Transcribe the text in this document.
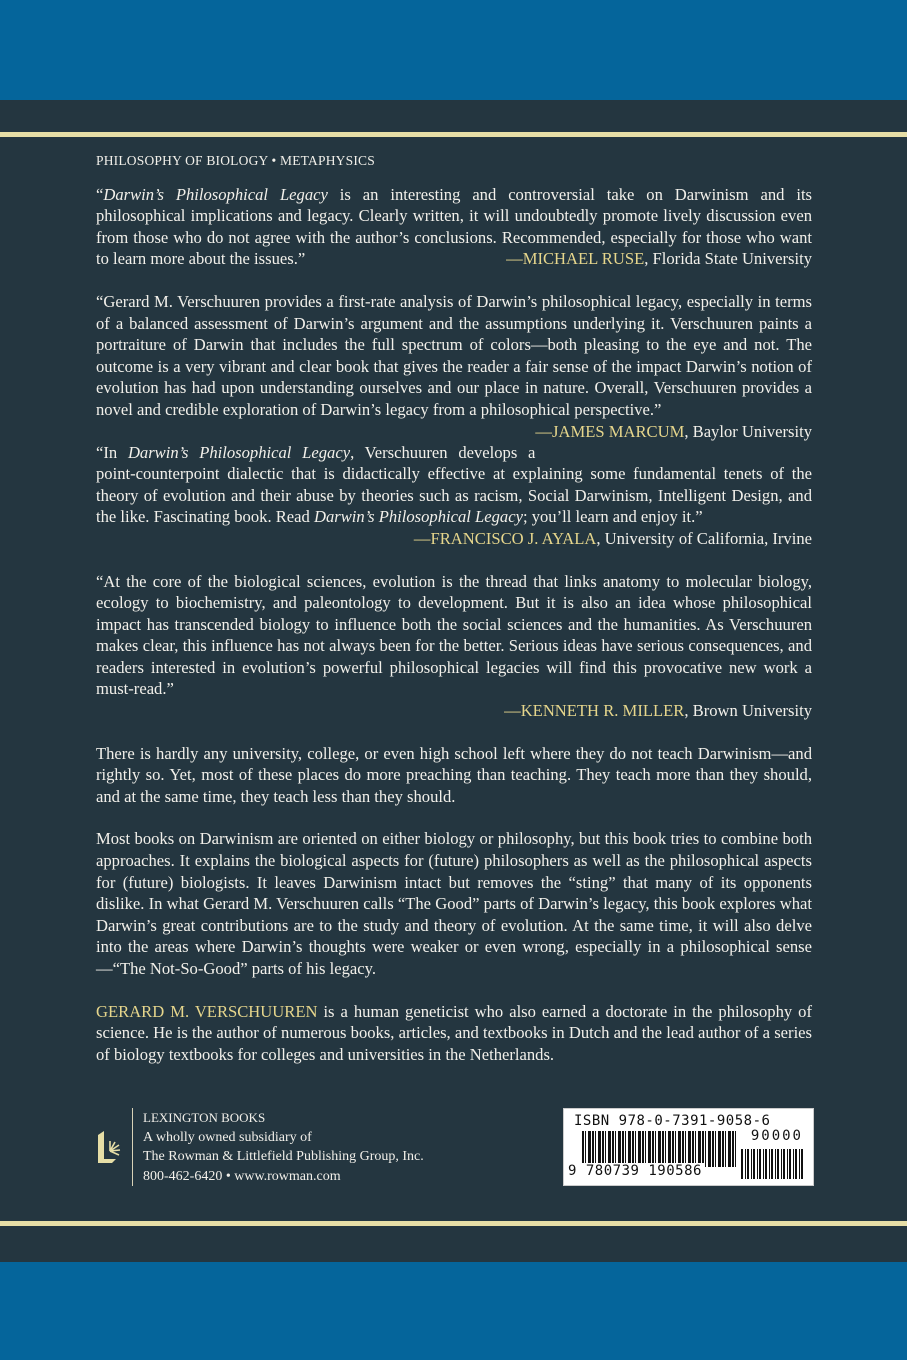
PHILOSOPHY OF BIOLOGY • METAPHYSICS

“Darwin’s Philosophical Legacy is an interesting and controversial take on Darwinism and its philosophical implications and legacy. Clearly written, it will undoubtedly promote lively discussion even from those who do not agree with the author’s conclusions. Recommended, especially for those who want to learn more about the issues.”	—MICHAEL RUSE, Florida State University

“Gerard M. Verschuuren provides a first-rate analysis of Darwin’s philosophical legacy, especially in terms of a balanced assessment of Darwin’s argument and the assumptions underlying it. Verschuuren paints a portraiture of Darwin that includes the full spectrum of colors—both pleasing to the eye and not. The outcome is a very vibrant and clear book that gives the reader a fair sense of the impact Darwin’s notion of evolution has had upon understanding ourselves and our place in nature. Overall, Verschuuren provides a novel and credible exploration of Darwin’s legacy from a philosophical perspective.”
—JAMES MARCUM, Baylor University

“In Darwin’s Philosophical Legacy, Verschuuren develops a point-counterpoint dialectic that is didactically effective at explaining some fundamental tenets of the theory of evolution and their abuse by theories such as racism, Social Darwinism, Intelligent Design, and the like. Fascinating book. Read Darwin’s Philosophical Legacy; you’ll learn and enjoy it.”

—FRANCISCO J. AYALA, University of California, Irvine

“At the core of the biological sciences, evolution is the thread that links anatomy to molecular biology, ecology to biochemistry, and paleontology to development. But it is also an idea whose philosophical impact has transcended biology to influence both the social sciences and the humanities. As Verschuuren makes clear, this influence has not always been for the better. Serious ideas have serious consequences, and readers interested in evolution’s powerful philosophical legacies will find this provocative new work a must-read.”

—KENNETH R. MILLER, Brown University

There is hardly any university, college, or even high school left where they do not teach Darwinism—and rightly so. Yet, most of these places do more preaching than teaching. They teach more than they should, and at the same time, they teach less than they should.

Most books on Darwinism are oriented on either biology or philosophy, but this book tries to combine both approaches. It explains the biological aspects for (future) philosophers as well as the philosophical aspects for (future) biologists. It leaves Darwinism intact but removes the “sting” that many of its opponents dislike. In what Gerard M. Verschuuren calls “The Good” parts of Darwin’s legacy, this book explores what Darwin’s great contributions are to the study and theory of evolution. At the same time, it will also delve into the areas where Darwin’s thoughts were weaker or even wrong, especially in a philosophical sense—“The Not-So-Good” parts of his legacy.

GERARD M. VERSCHUUREN is a human geneticist who also earned a doctorate in the philosophy of science. He is the author of numerous books, articles, and textbooks in Dutch and the lead author of a series of biology textbooks for colleges and universities in the Netherlands.

LEXINGTON BOOKS
A wholly owned subsidiary of
The Rowman & Littlefield Publishing Group, Inc.
800-462-6420 • www.rowman.com
ISBN 978-0-7391-9058-6
90000
9 780739 190586
